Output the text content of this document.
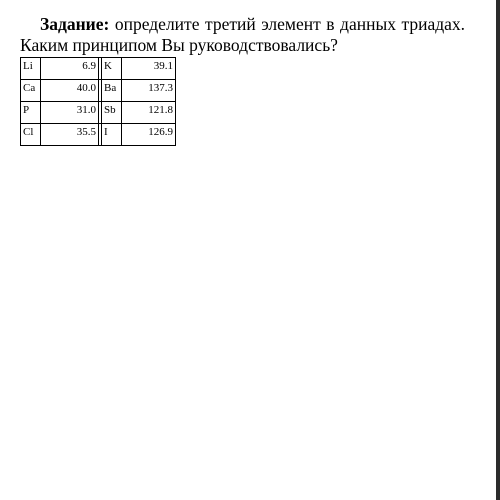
Задание: определите третий элемент в данных триадах.
Каким принципом Вы руководствовались?

Li	6.9		K	39.1
Ca	40.0		Ba	137.3
P	31.0		Sb	121.8
Cl	35.5		I	126.9
